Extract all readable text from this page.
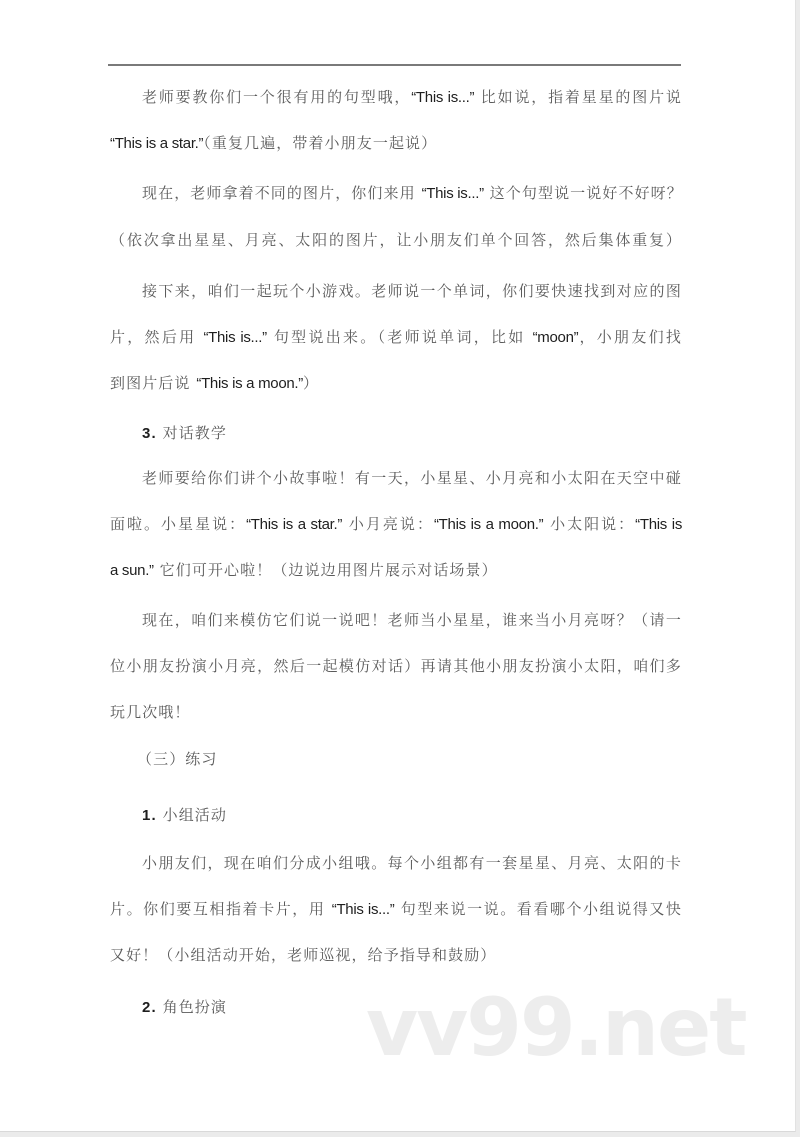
老师要教你们一个很有用的句型哦，“This is...” 比如说，指着星星的图片说
“This is a star.”（重复几遍，带着小朋友一起说）
现在，老师拿着不同的图片，你们来用 “This is...” 这个句型说一说好不好呀？
（依次拿出星星、月亮、太阳的图片，让小朋友们单个回答，然后集体重复）
接下来，咱们一起玩个小游戏。老师说一个单词，你们要快速找到对应的图
片，然后用 “This is...” 句型说出来。（老师说单词，比如 “moon”，小朋友们找
到图片后说 “This is a moon.”）
3. 对话教学
老师要给你们讲个小故事啦！有一天，小星星、小月亮和小太阳在天空中碰
面啦。小星星说：“This is a star.” 小月亮说：“This is a moon.” 小太阳说：“This is
a sun.” 它们可开心啦！（边说边用图片展示对话场景）
现在，咱们来模仿它们说一说吧！老师当小星星，谁来当小月亮呀？（请一
位小朋友扮演小月亮，然后一起模仿对话）再请其他小朋友扮演小太阳，咱们多
玩几次哦！
（三）练习
1. 小组活动
小朋友们，现在咱们分成小组哦。每个小组都有一套星星、月亮、太阳的卡
片。你们要互相指着卡片，用 “This is...” 句型来说一说。看看哪个小组说得又快
又好！（小组活动开始，老师巡视，给予指导和鼓励）
2. 角色扮演	vv99.net
